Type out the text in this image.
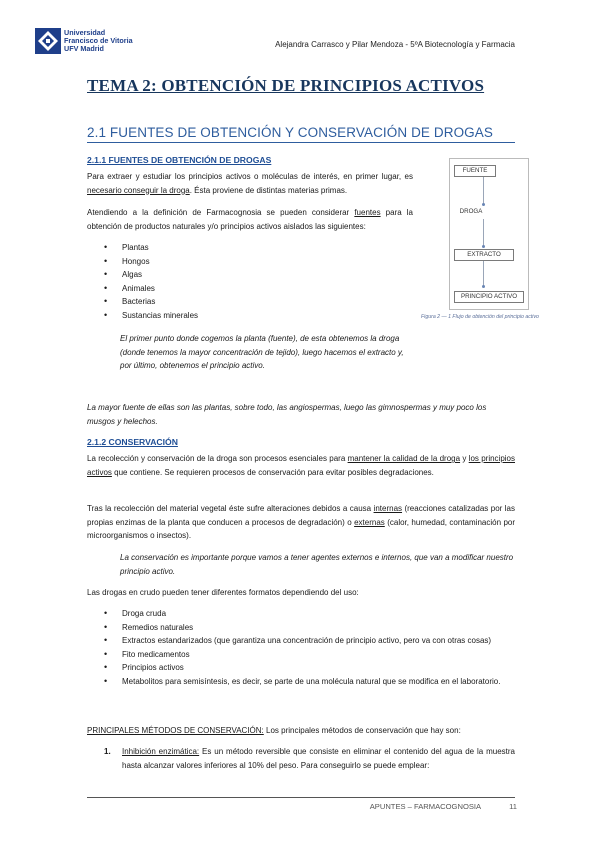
Universidad
Francisco de Vitoria
UFV Madrid	Alejandra Carrasco y Pilar Mendoza - 5ºA Biotecnología y Farmacia
TEMA 2: OBTENCIÓN DE PRINCIPIOS ACTIVOS
2.1 FUENTES DE OBTENCIÓN Y CONSERVACIÓN DE DROGAS
2.1.1 FUENTES DE OBTENCIÓN DE DROGAS
Para extraer y estudiar los principios activos o moléculas de interés, en primer lugar, es necesario conseguir la droga. Ésta proviene de distintas materias primas.
Atendiendo a la definición de Farmacognosia se pueden considerar fuentes para la obtención de productos naturales y/o principios activos aislados las siguientes:
• Plantas
• Hongos
• Algas
• Animales
• Bacterias
• Sustancias minerales
El primer punto donde cogemos la planta (fuente), de esta obtenemos la droga (donde tenemos la mayor concentración de tejido), luego hacemos el extracto y, por último, obtenemos el principio activo.
FUENTE
DROGA
EXTRACTO
PRINCIPIO ACTIVO
Figura 2 — 1 Flujo de obtención del principio activo
La mayor fuente de ellas son las plantas, sobre todo, las angiospermas, luego las gimnospermas y muy poco los musgos y helechos.
2.1.2 CONSERVACIÓN
La recolección y conservación de la droga son procesos esenciales para mantener la calidad de la droga y los principios activos que contiene. Se requieren procesos de conservación para evitar posibles degradaciones.
Tras la recolección del material vegetal éste sufre alteraciones debidos a causa internas (reacciones catalizadas por las propias enzimas de la planta que conducen a procesos de degradación) o externas (calor, humedad, contaminación por microorganismos o insectos).
La conservación es importante porque vamos a tener agentes externos e internos, que van a modificar nuestro principio activo.
Las drogas en crudo pueden tener diferentes formatos dependiendo del uso:
• Droga cruda
• Remedios naturales
• Extractos estandarizados (que garantiza una concentración de principio activo, pero va con otras cosas)
• Fito medicamentos
• Principios activos
• Metabolitos para semisíntesis, es decir, se parte de una molécula natural que se modifica en el laboratorio.
PRINCIPALES MÉTODOS DE CONSERVACIÓN: Los principales métodos de conservación que hay son:
1.	Inhibición enzimática: Es un método reversible que consiste en eliminar el contenido del agua de la muestra hasta alcanzar valores inferiores al 10% del peso. Para conseguirlo se puede emplear:
APUNTES – FARMACOGNOSIA	11
